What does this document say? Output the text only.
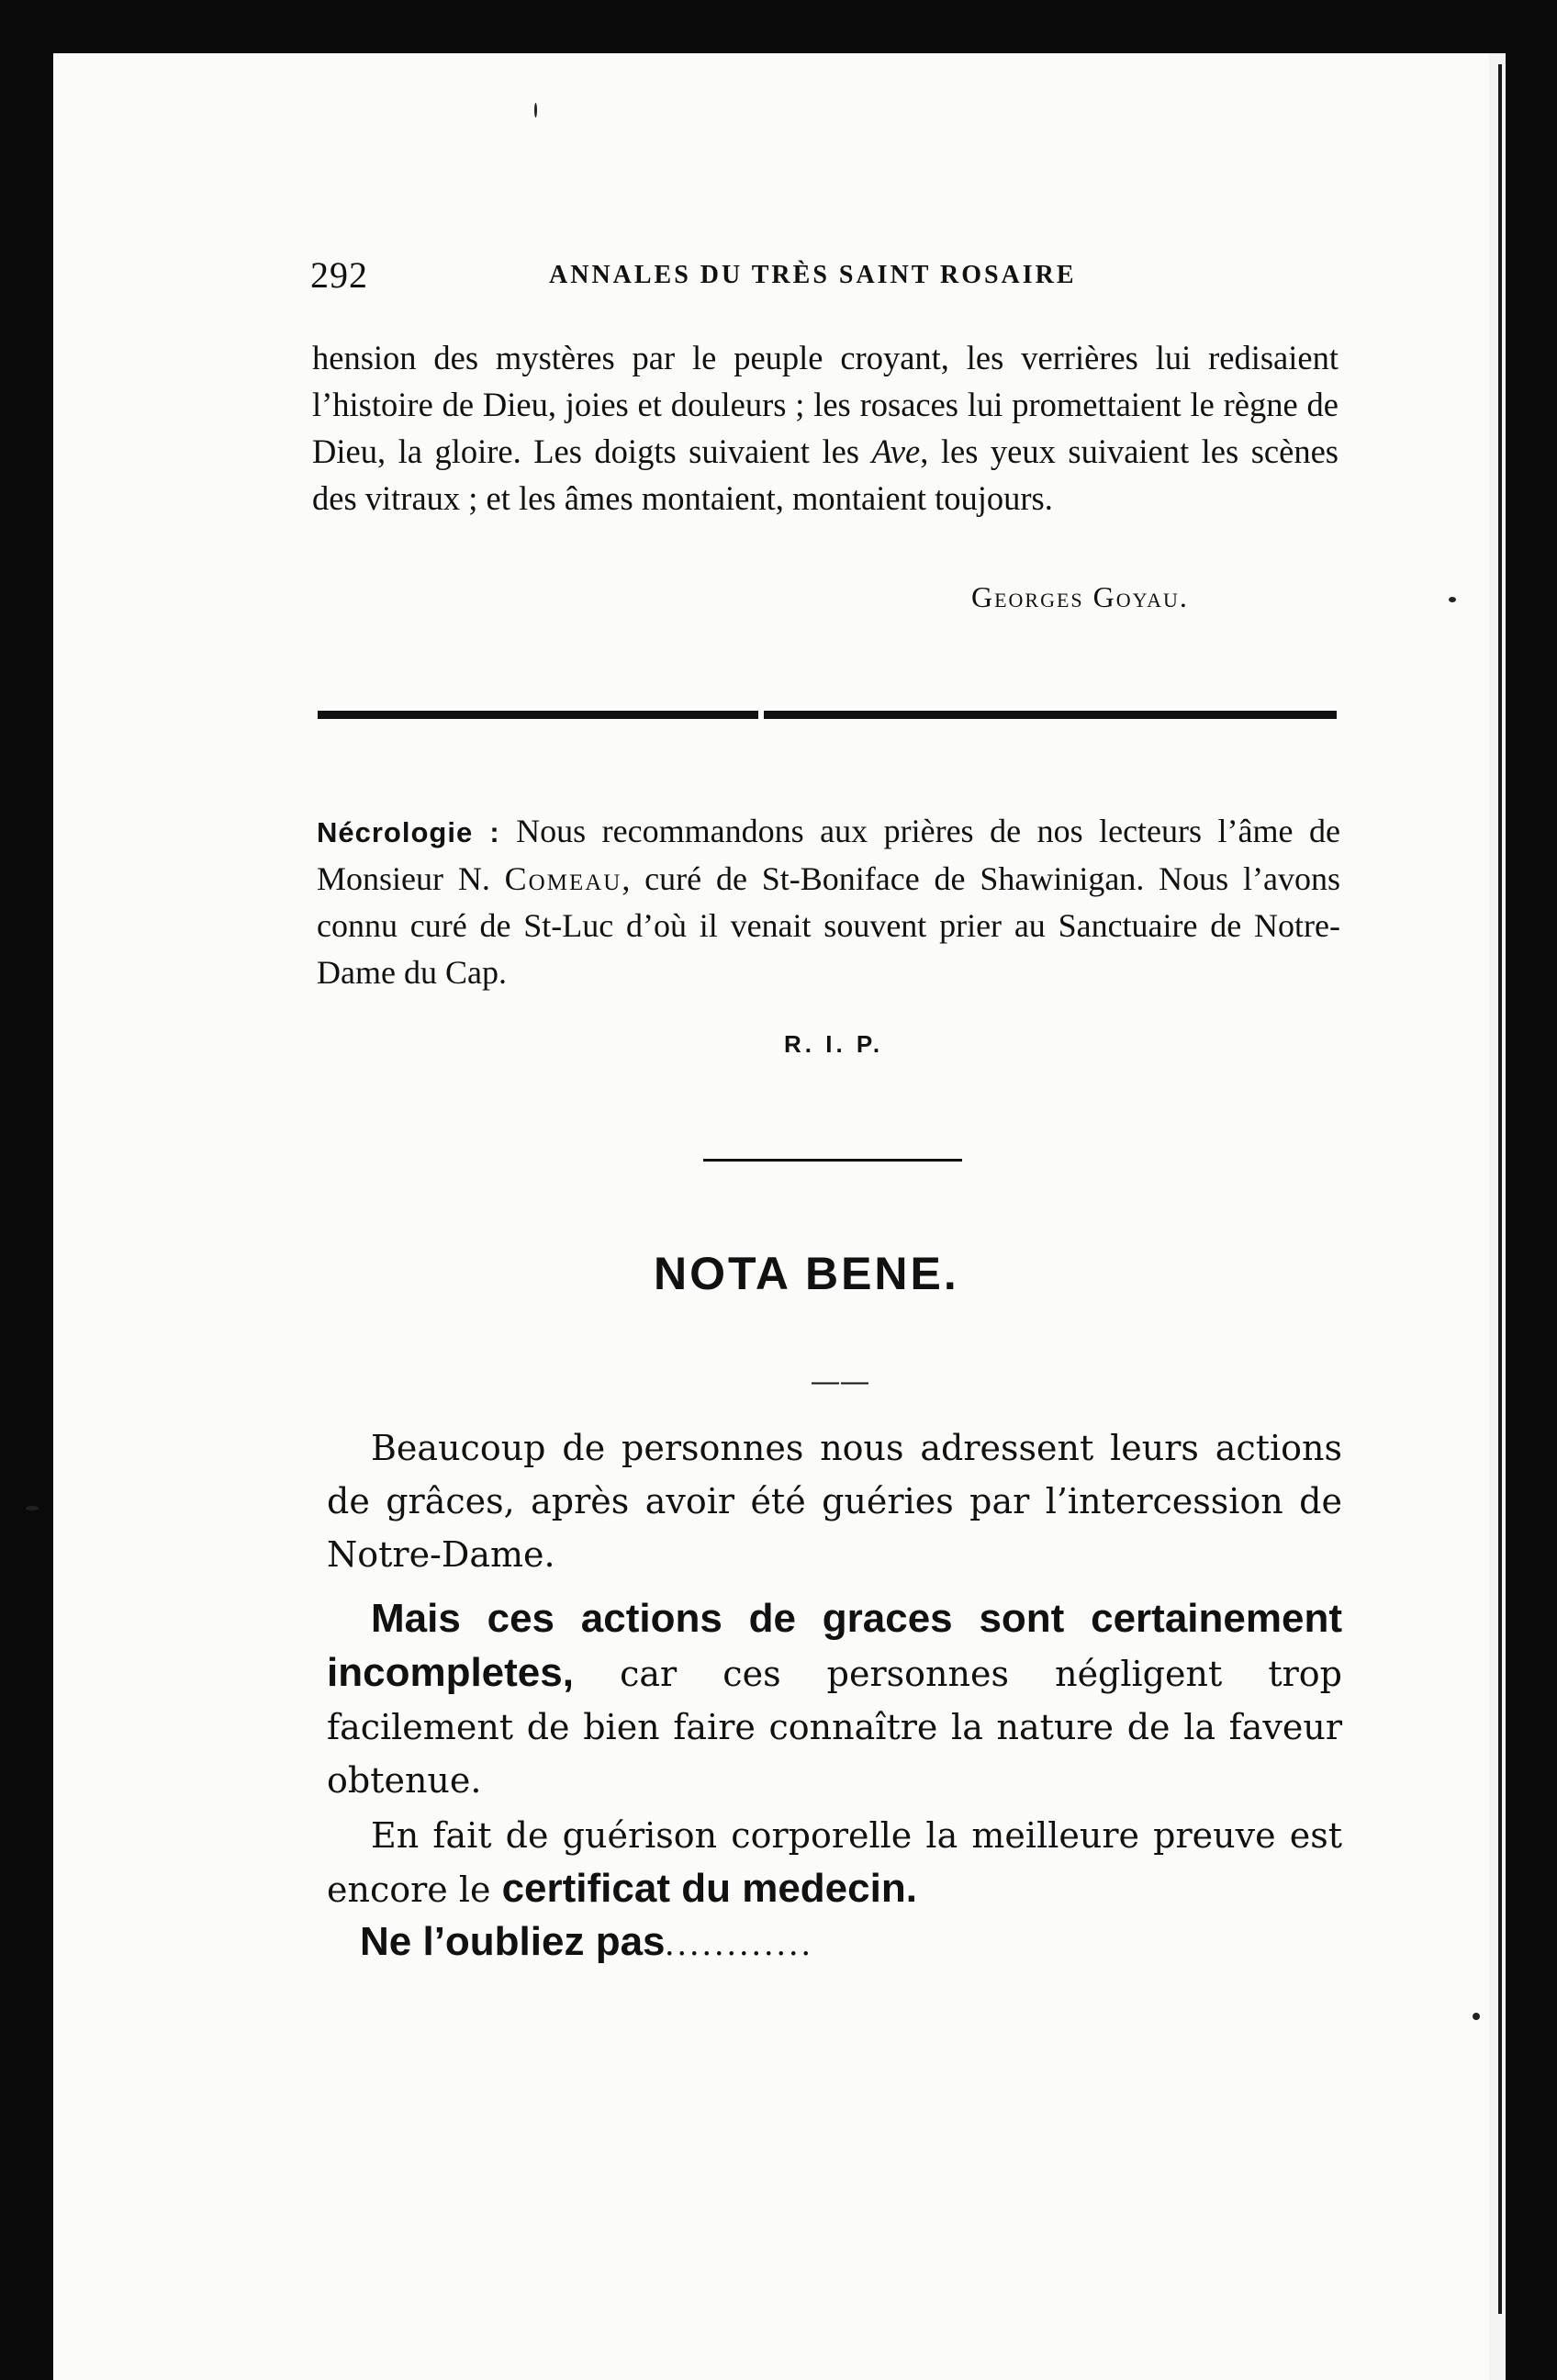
292	ANNALES DU TRÈS SAINT ROSAIRE

hension des mystères par le peuple croyant, les verrières lui redisaient l’histoire de Dieu, joies et douleurs ; les rosaces lui promettaient le règne de Dieu, la gloire. Les doigts suivaient les Ave, les yeux suivaient les scènes des vitraux ; et les âmes montaient, montaient toujours.

Georges Goyau.

Nécrologie : Nous recommandons aux prières de nos lecteurs l’âme de Monsieur N. Comeau, curé de St-Boniface de Shawinigan. Nous l’avons connu curé de St-Luc d’où il venait souvent prier au Sanctuaire de Notre-Dame du Cap.

R. I. P.
NOTA BENE.
——

Beaucoup de personnes nous adressent leurs actions de grâces, après avoir été guéries par l’intercession de Notre-Dame.

Mais ces actions de graces sont certainement incompletes, car ces personnes négligent trop facilement de bien faire connaître la nature de la faveur obtenue.

En fait de guérison corporelle la meilleure preuve est encore le certificat du medecin.

Ne l’oubliez pas............
